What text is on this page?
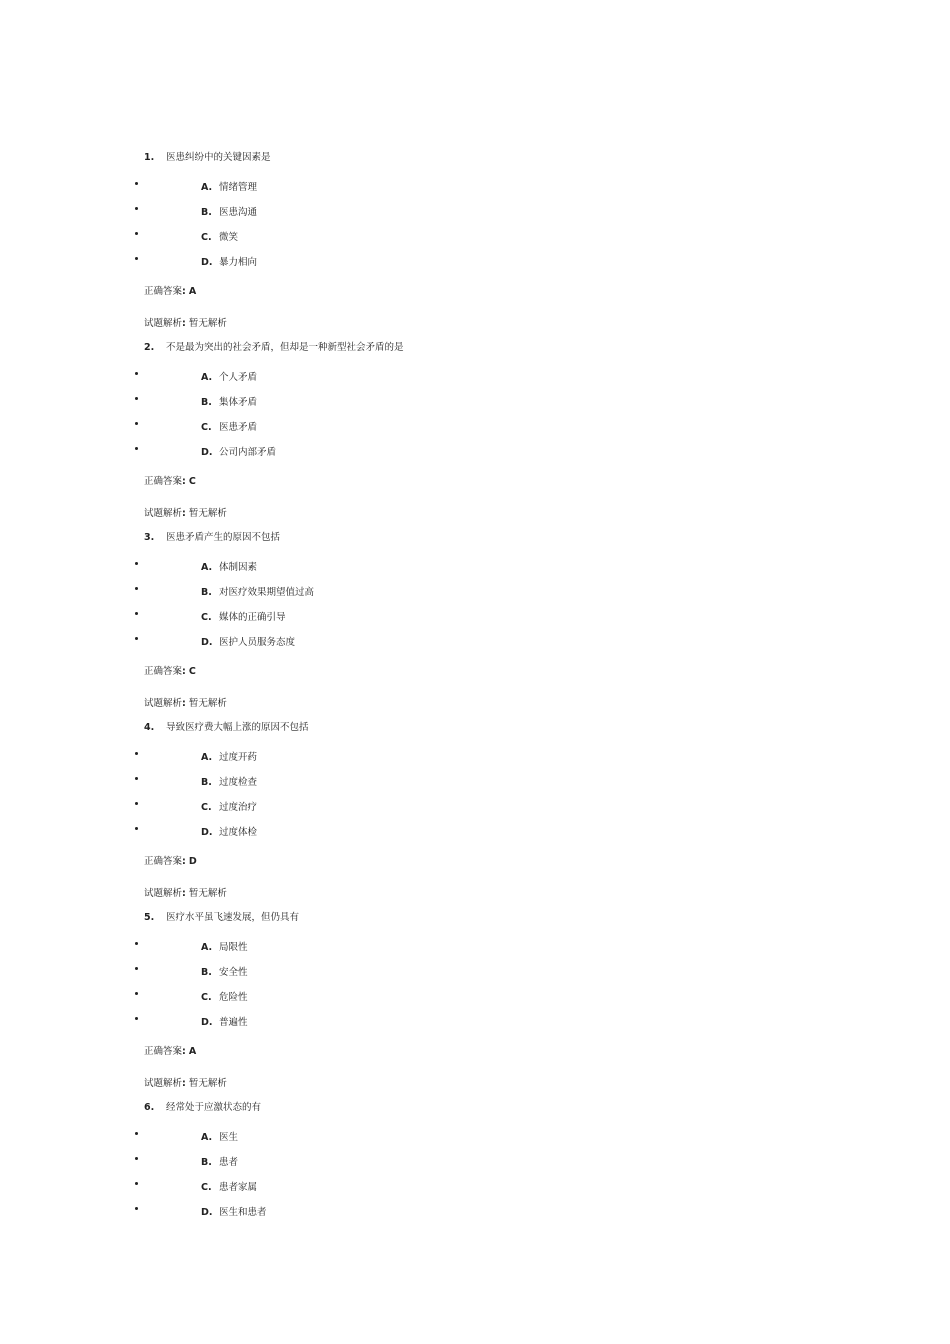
1. 医患纠纷中的关键因素是
A. 情绪管理
B. 医患沟通
C. 微笑
D. 暴力相向
正确答案: A
试题解析: 暂无解析
2. 不是最为突出的社会矛盾，但却是一种新型社会矛盾的是
A. 个人矛盾
B. 集体矛盾
C. 医患矛盾
D. 公司内部矛盾
正确答案: C
试题解析: 暂无解析
3. 医患矛盾产生的原因不包括
A. 体制因素
B. 对医疗效果期望值过高
C. 媒体的正确引导
D. 医护人员服务态度
正确答案: C
试题解析: 暂无解析
4. 导致医疗费大幅上涨的原因不包括
A. 过度开药
B. 过度检查
C. 过度治疗
D. 过度体检
正确答案: D
试题解析: 暂无解析
5. 医疗水平虽飞速发展，但仍具有
A. 局限性
B. 安全性
C. 危险性
D. 普遍性
正确答案: A
试题解析: 暂无解析
6. 经常处于应激状态的有
A. 医生
B. 患者
C. 患者家属
D. 医生和患者
